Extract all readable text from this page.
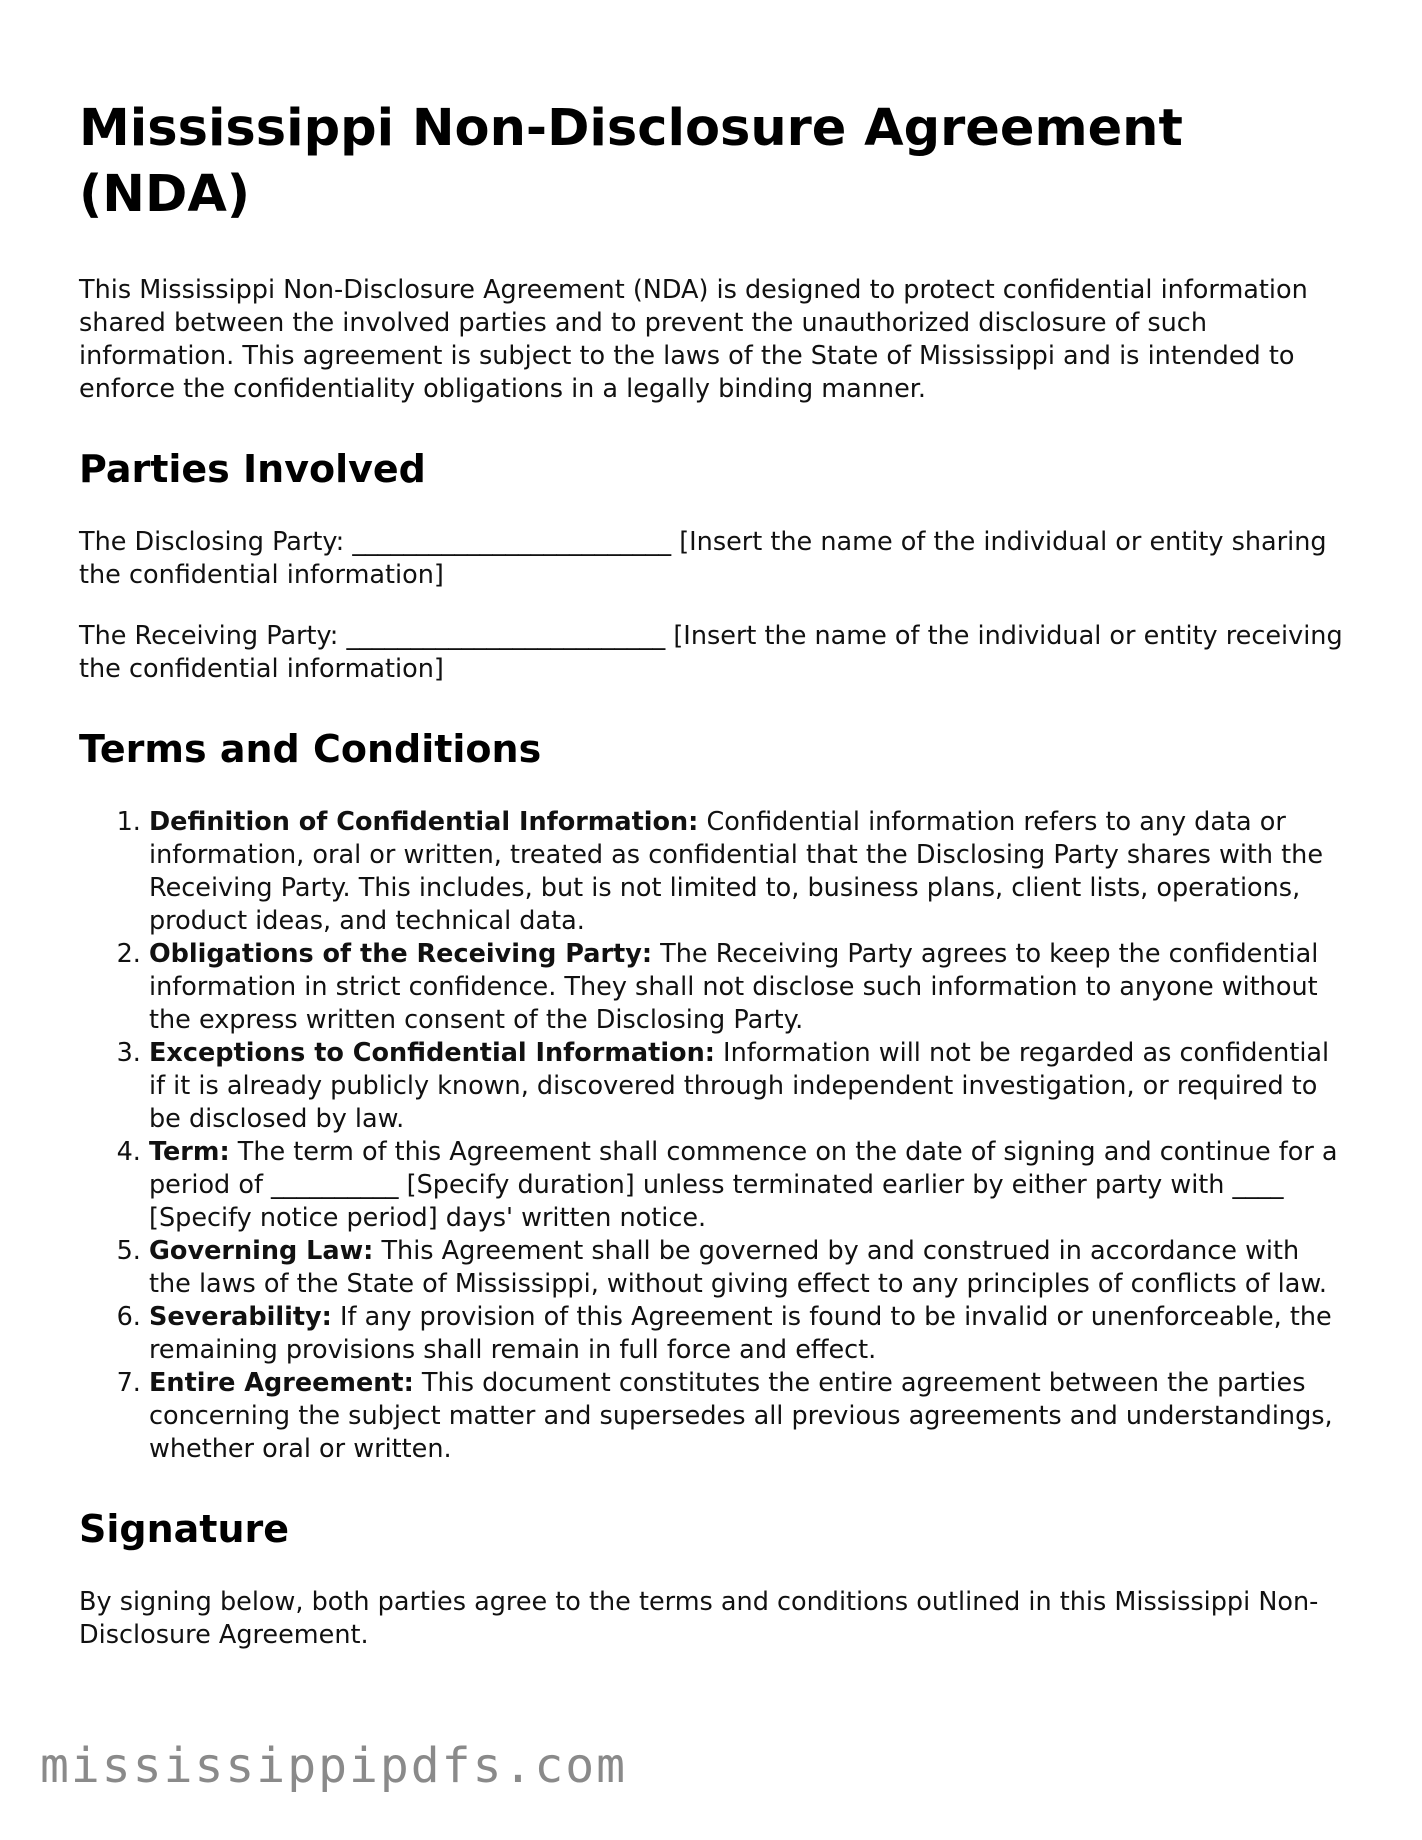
Mississippi Non-Disclosure Agreement (NDA)

This Mississippi Non-Disclosure Agreement (NDA) is designed to protect confidential information shared between the involved parties and to prevent the unauthorized disclosure of such information. This agreement is subject to the laws of the State of Mississippi and is intended to enforce the confidentiality obligations in a legally binding manner.

Parties Involved

The Disclosing Party: _________________________ [Insert the name of the individual or entity sharing the confidential information]

The Receiving Party: _________________________ [Insert the name of the individual or entity receiving the confidential information]

Terms and Conditions
1. Definition of Confidential Information: Confidential information refers to any data or information, oral or written, treated as confidential that the Disclosing Party shares with the Receiving Party. This includes, but is not limited to, business plans, client lists, operations, product ideas, and technical data.
2. Obligations of the Receiving Party: The Receiving Party agrees to keep the confidential information in strict confidence. They shall not disclose such information to anyone without the express written consent of the Disclosing Party.
3. Exceptions to Confidential Information: Information will not be regarded as confidential if it is already publicly known, discovered through independent investigation, or required to be disclosed by law.
4. Term: The term of this Agreement shall commence on the date of signing and continue for a period of __________ [Specify duration] unless terminated earlier by either party with ____ [Specify notice period] days' written notice.
5. Governing Law: This Agreement shall be governed by and construed in accordance with the laws of the State of Mississippi, without giving effect to any principles of conflicts of law.
6. Severability: If any provision of this Agreement is found to be invalid or unenforceable, the remaining provisions shall remain in full force and effect.
7. Entire Agreement: This document constitutes the entire agreement between the parties concerning the subject matter and supersedes all previous agreements and understandings, whether oral or written.
Signature

By signing below, both parties agree to the terms and conditions outlined in this Mississippi Non-Disclosure Agreement.

mississippipdfs.com
